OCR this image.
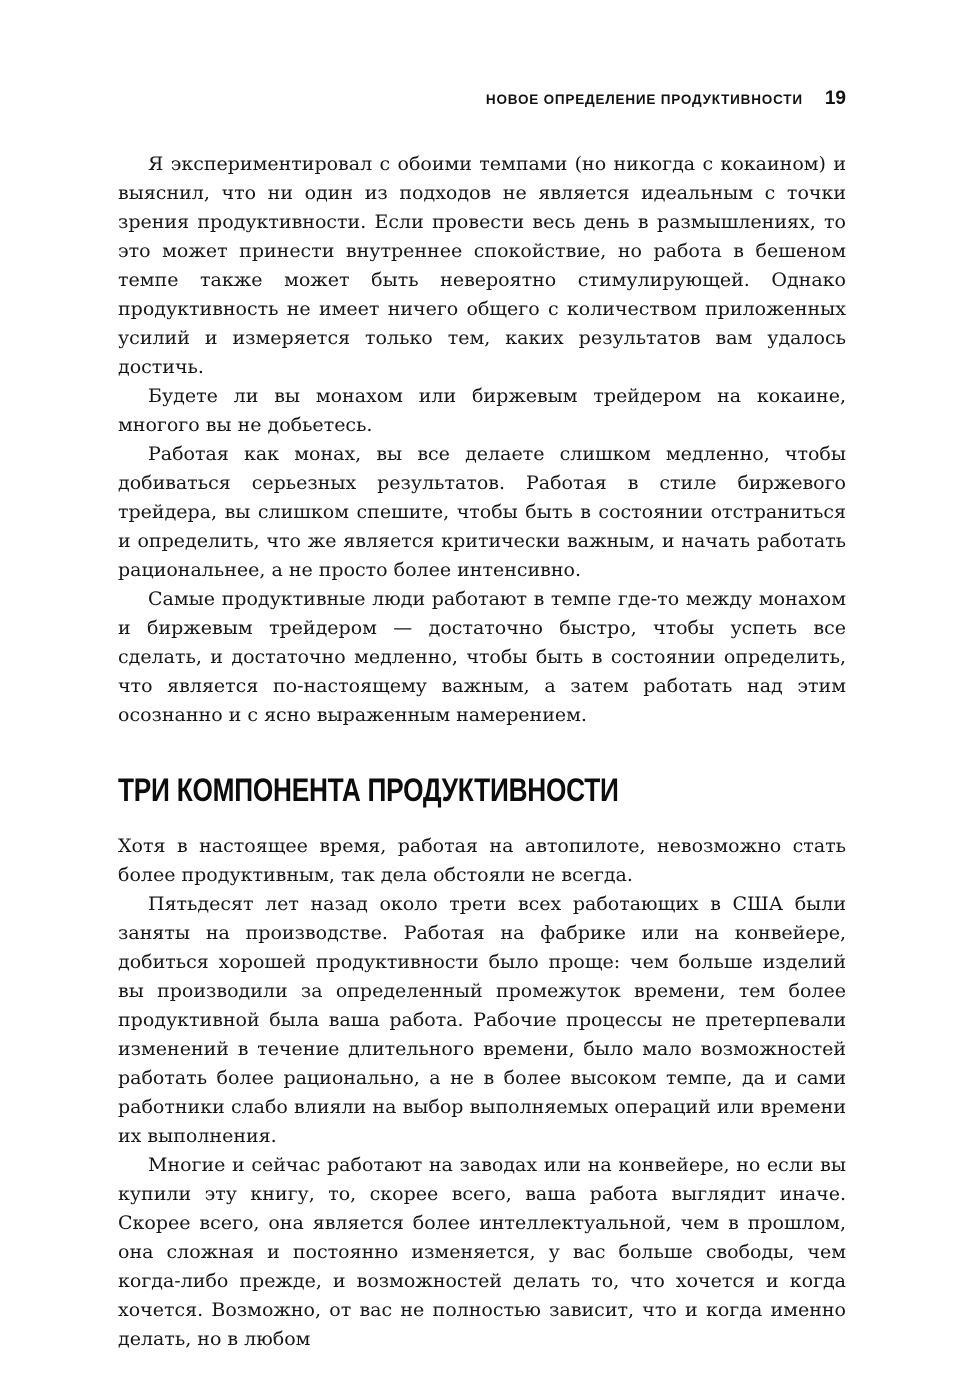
НОВОЕ ОПРЕДЕЛЕНИЕ ПРОДУКТИВНОСТИ 19

Я экспериментировал с обоими темпами (но никогда с кокаином) и выяснил, что ни один из подходов не является идеальным с точки зрения продуктивности. Если провести весь день в размышлениях, то это может принести внутреннее спокойствие, но работа в бешеном темпе также может быть невероятно стимулирующей. Однако продуктивность не имеет ничего общего с количеством приложенных усилий и измеряется только тем, каких результатов вам удалось достичь.

Будете ли вы монахом или биржевым трейдером на кокаине, многого вы не добьетесь.

Работая как монах, вы все делаете слишком медленно, чтобы добиваться серьезных результатов. Работая в стиле биржевого трейдера, вы слишком спешите, чтобы быть в состоянии отстраниться и определить, что же является критически важным, и начать работать рациональнее, а не просто более интенсивно.

Самые продуктивные люди работают в темпе где-то между монахом и биржевым трейдером — достаточно быстро, чтобы успеть все сделать, и достаточно медленно, чтобы быть в состоянии определить, что является по-настоящему важным, а затем работать над этим осознанно и с ясно выраженным намерением.

ТРИ КОМПОНЕНТА ПРОДУКТИВНОСТИ

Хотя в настоящее время, работая на автопилоте, невозможно стать более продуктивным, так дела обстояли не всегда.

Пятьдесят лет назад около трети всех работающих в США были заняты на производстве. Работая на фабрике или на конвейере, добиться хорошей продуктивности было проще: чем больше изделий вы производили за определенный промежуток времени, тем более продуктивной была ваша работа. Рабочие процессы не претерпевали изменений в течение длительного времени, было мало возможностей работать более рационально, а не в более высоком темпе, да и сами работники слабо влияли на выбор выполняемых операций или времени их выполнения.

Многие и сейчас работают на заводах или на конвейере, но если вы купили эту книгу, то, скорее всего, ваша работа выглядит иначе. Скорее всего, она является более интеллектуальной, чем в прошлом, она сложная и постоянно изменяется, у вас больше свободы, чем когда-либо прежде, и возможностей делать то, что хочется и когда хочется. Возможно, от вас не полностью зависит, что и когда именно делать, но в любом
